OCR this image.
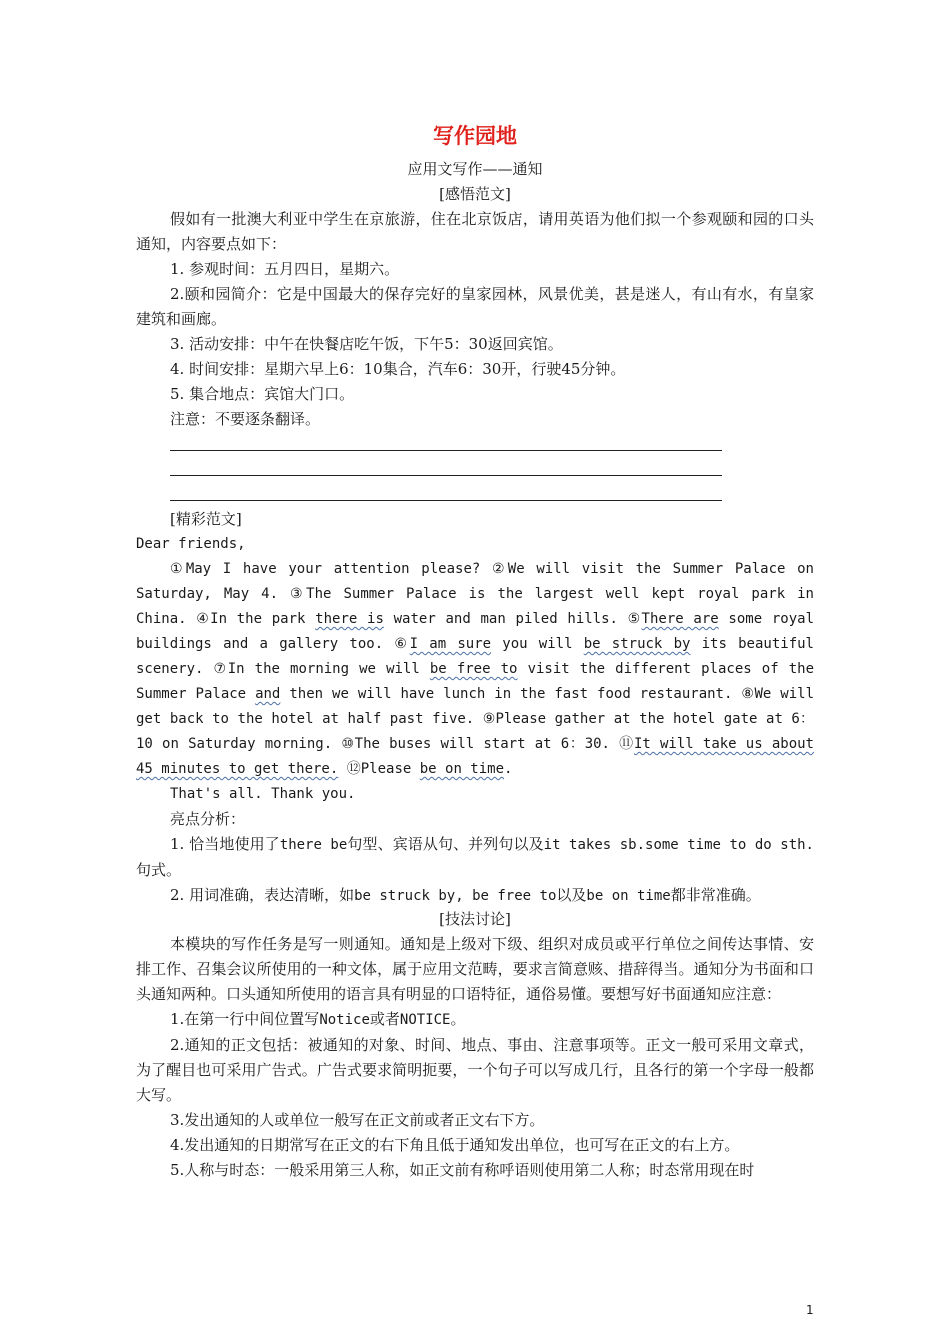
写作园地
应用文写作——通知
[感悟范文]

假如有一批澳大利亚中学生在京旅游，住在北京饭店，请用英语为他们拟一个参观颐和园的口头通知，内容要点如下：

1. 参观时间：五月四日，星期六。

2.颐和园简介：它是中国最大的保存完好的皇家园林，风景优美，甚是迷人，有山有水，有皇家建筑和画廊。

3. 活动安排：中午在快餐店吃午饭，下午5：30返回宾馆。

4. 时间安排：星期六早上6：10集合，汽车6：30开，行驶45分钟。

5. 集合地点：宾馆大门口。

注意：不要逐条翻译。

[精彩范文]

Dear friends,

①May I have your attention please? ②We will visit the Summer Palace on Saturday, May 4. ③The Summer Palace is the largest well kept royal park in China. ④In the park there is water and man piled hills. ⑤There are some royal buildings and a gallery too. ⑥I am sure you will be struck by its beautiful scenery. ⑦In the morning we will be free to visit the different places of the Summer Palace and then we will have lunch in the fast food restaurant. ⑧We will get back to the hotel at half past five. ⑨Please gather at the hotel gate at 6：10 on Saturday morning. ⑩The buses will start at 6：30. ⑪It will take us about 45 minutes to get there. ⑫Please be on time.

That's all. Thank you.

亮点分析：

1. 恰当地使用了there be句型、宾语从句、并列句以及it takes sb.some time to do sth.句式。

2. 用词准确，表达清晰，如be struck by, be free to以及be on time都非常准确。

[技法讨论]

本模块的写作任务是写一则通知。通知是上级对下级、组织对成员或平行单位之间传达事情、安排工作、召集会议所使用的一种文体，属于应用文范畴，要求言简意赅、措辞得当。通知分为书面和口头通知两种。口头通知所使用的语言具有明显的口语特征，通俗易懂。要想写好书面通知应注意：

1.在第一行中间位置写Notice或者NOTICE。

2.通知的正文包括：被通知的对象、时间、地点、事由、注意事项等。正文一般可采用文章式，为了醒目也可采用广告式。广告式要求简明扼要，一个句子可以写成几行，且各行的第一个字母一般都大写。

3.发出通知的人或单位一般写在正文前或者正文右下方。

4.发出通知的日期常写在正文的右下角且低于通知发出单位，也可写在正文的右上方。

5.人称与时态：一般采用第三人称，如正文前有称呼语则使用第二人称；时态常用现在时

1
